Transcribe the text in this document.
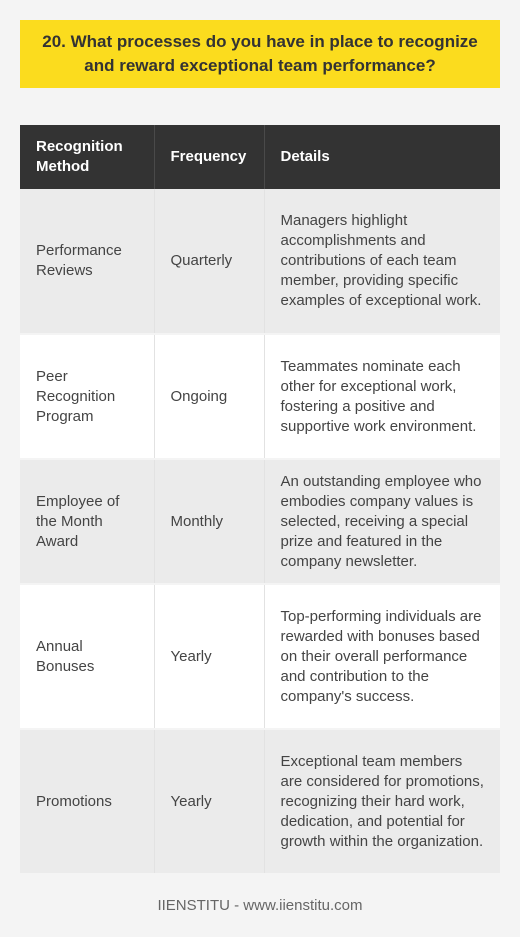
20. What processes do you have in place to recognize and reward exceptional team performance?
Recognition Method	Frequency	Details
Performance Reviews	Quarterly	Managers highlight accomplishments and contributions of each team member, providing specific examples of exceptional work.
Peer Recognition Program	Ongoing	Teammates nominate each other for exceptional work, fostering a positive and supportive work environment.
Employee of the Month Award	Monthly	An outstanding employee who embodies company values is selected, receiving a special prize and featured in the company newsletter.
Annual Bonuses	Yearly	Top-performing individuals are rewarded with bonuses based on their overall performance and contribution to the company's success.
Promotions	Yearly	Exceptional team members are considered for promotions, recognizing their hard work, dedication, and potential for growth within the organization.
IIENSTITU - www.iienstitu.com
